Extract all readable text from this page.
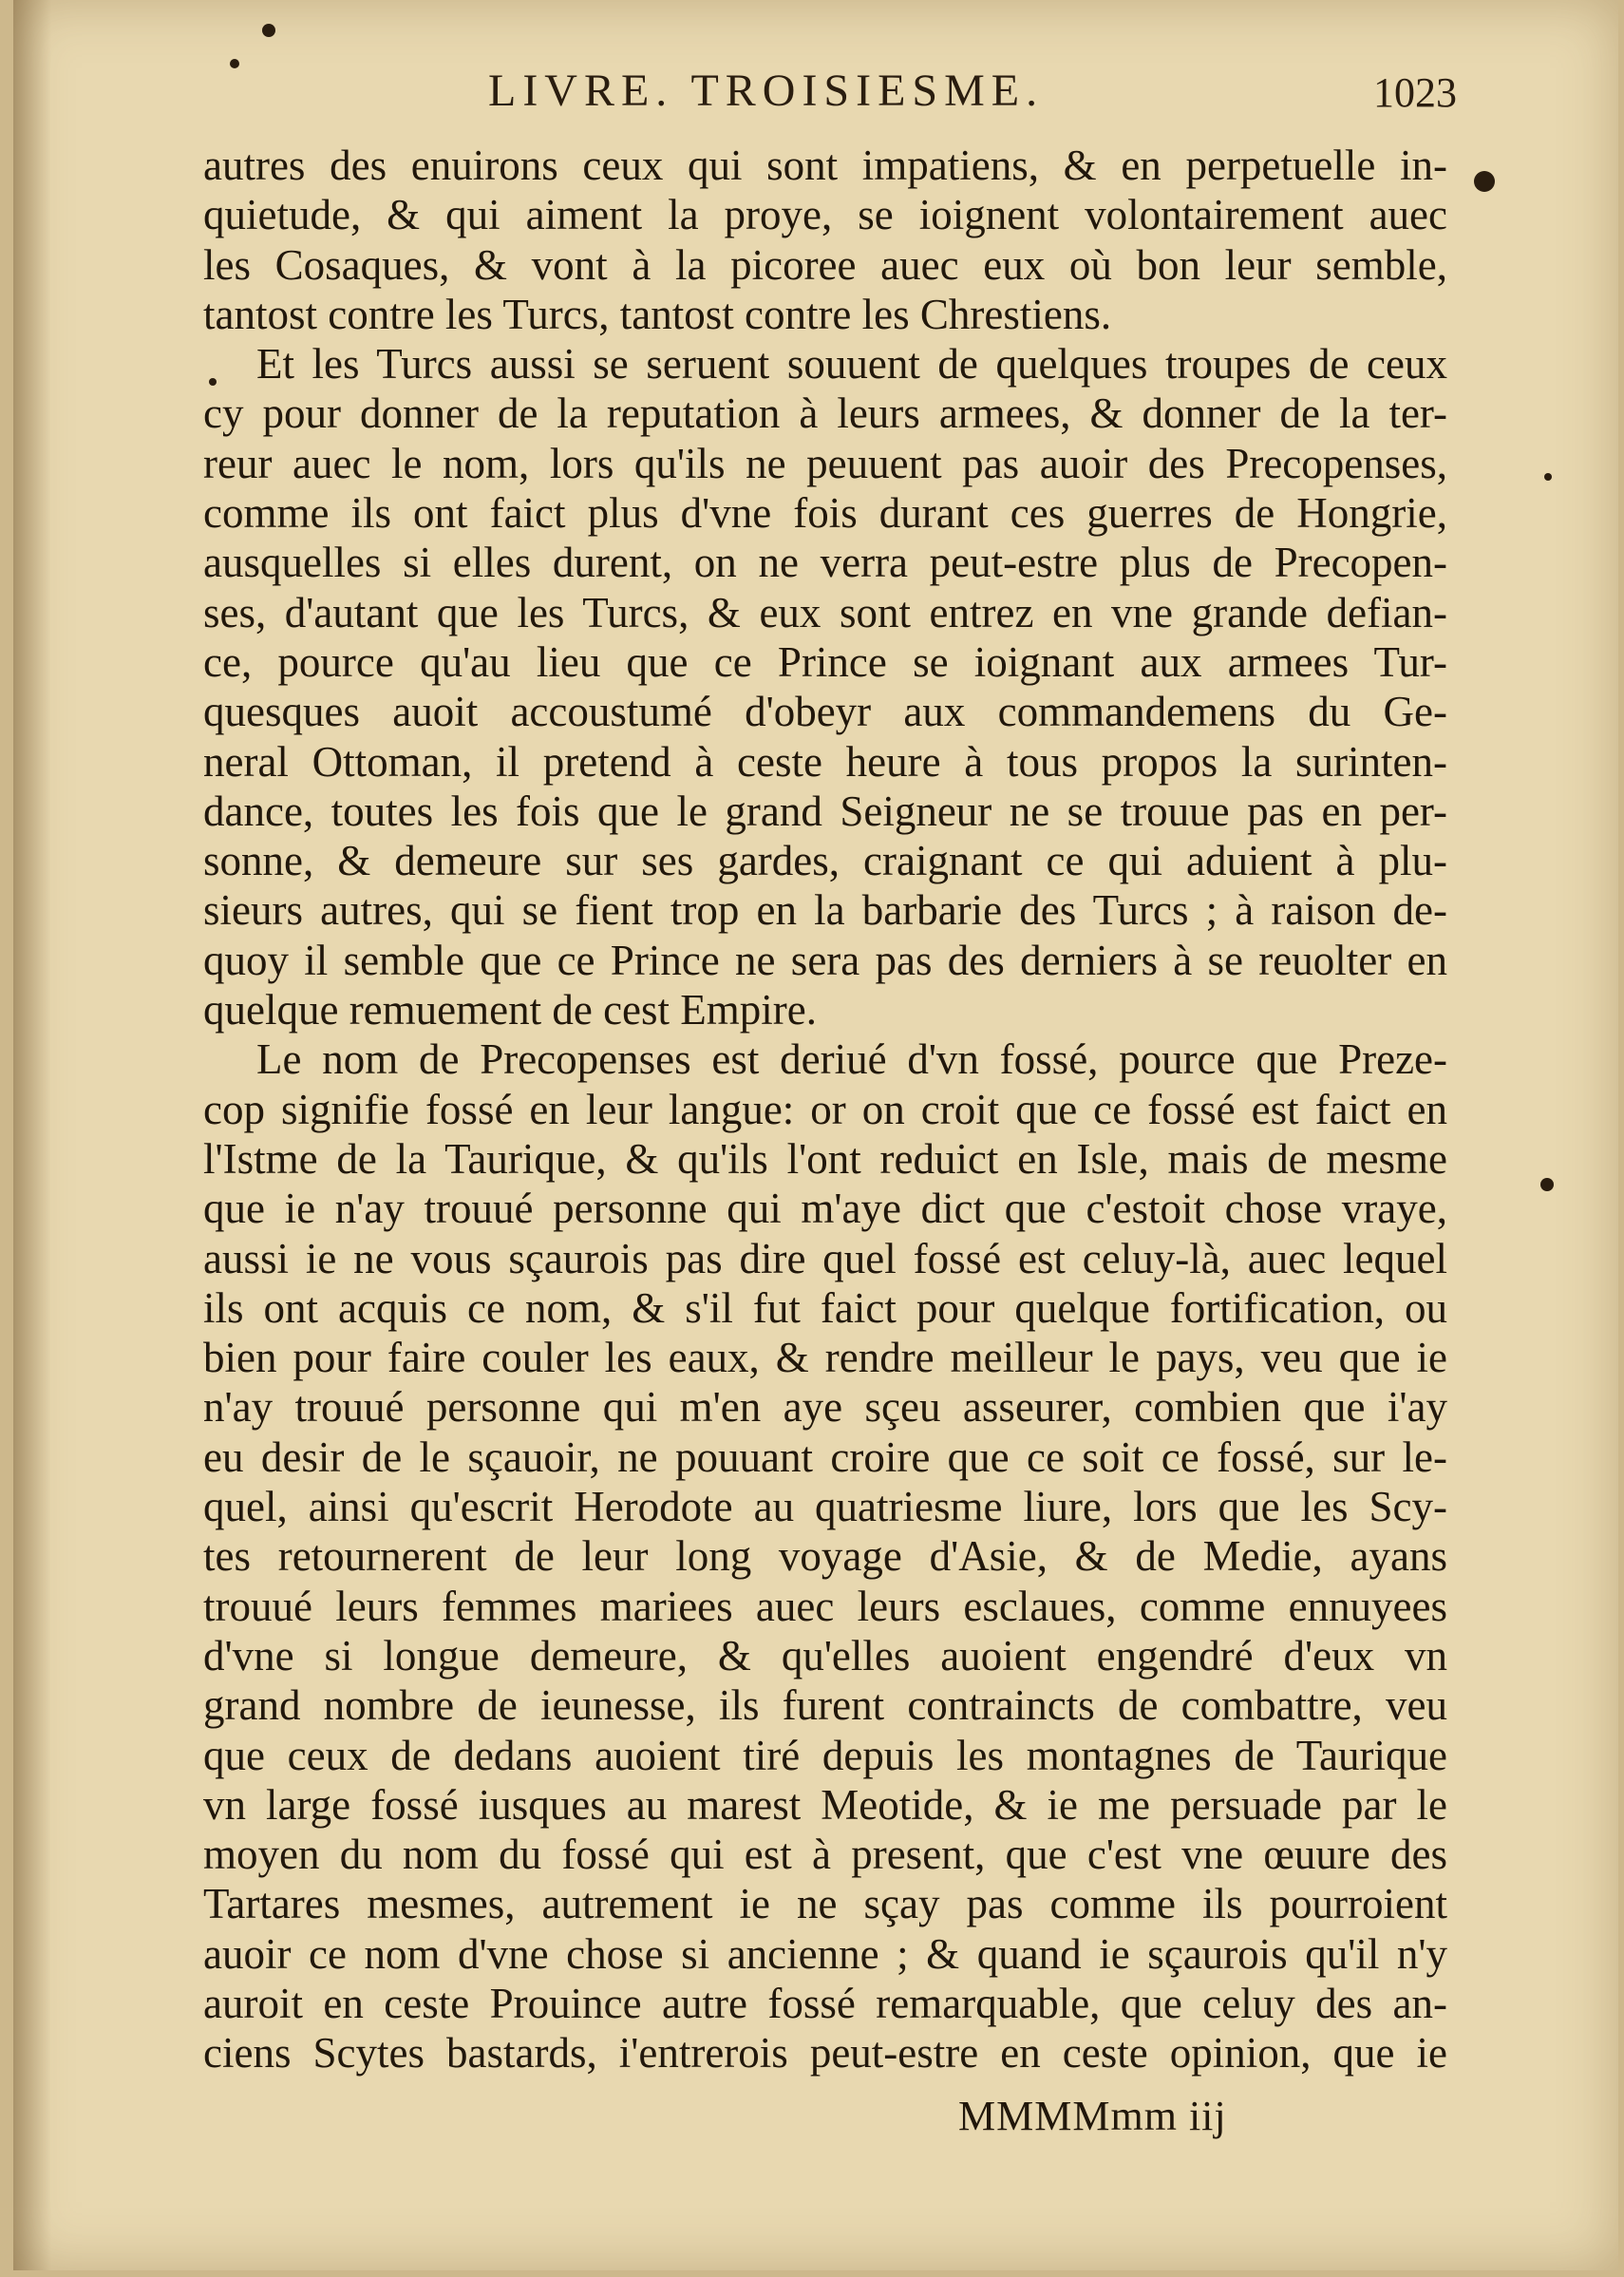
LIVRE. TROISIESME.	1023
autres des enuirons ceux qui sont impatiens, & en perpetuelle in-
quietude, & qui aiment la proye, se ioignent volontairement auec
les Cosaques, & vont à la picoree auec eux où bon leur semble,
tantost contre les Turcs, tantost contre les Chrestiens.
Et les Turcs aussi se seruent souuent de quelques troupes de ceux
cy pour donner de la reputation à leurs armees, & donner de la ter-
reur auec le nom, lors qu'ils ne peuuent pas auoir des Precopenses,
comme ils ont faict plus d'vne fois durant ces guerres de Hongrie,
ausquelles si elles durent, on ne verra peut-estre plus de Precopen-
ses, d'autant que les Turcs, & eux sont entrez en vne grande defian-
ce, pource qu'au lieu que ce Prince se ioignant aux armees Tur-
quesques auoit accoustumé d'obeyr aux commandemens du Ge-
neral Ottoman, il pretend à ceste heure à tous propos la surinten-
dance, toutes les fois que le grand Seigneur ne se trouue pas en per-
sonne, & demeure sur ses gardes, craignant ce qui aduient à plu-
sieurs autres, qui se fient trop en la barbarie des Turcs ; à raison de-
quoy il semble que ce Prince ne sera pas des derniers à se reuolter en
quelque remuement de cest Empire.
Le nom de Precopenses est deriué d'vn fossé, pource que Preze-
cop signifie fossé en leur langue: or on croit que ce fossé est faict en
l'Istme de la Taurique, & qu'ils l'ont reduict en Isle, mais de mesme
que ie n'ay trouué personne qui m'aye dict que c'estoit chose vraye,
aussi ie ne vous sçaurois pas dire quel fossé est celuy-là, auec lequel
ils ont acquis ce nom, & s'il fut faict pour quelque fortification, ou
bien pour faire couler les eaux, & rendre meilleur le pays, veu que ie
n'ay trouué personne qui m'en aye sçeu asseurer, combien que i'ay
eu desir de le sçauoir, ne pouuant croire que ce soit ce fossé, sur le-
quel, ainsi qu'escrit Herodote au quatriesme liure, lors que les Scy-
tes retournerent de leur long voyage d'Asie, & de Medie, ayans
trouué leurs femmes mariees auec leurs esclaues, comme ennuyees
d'vne si longue demeure, & qu'elles auoient engendré d'eux vn
grand nombre de ieunesse, ils furent contraincts de combattre, veu
que ceux de dedans auoient tiré depuis les montagnes de Taurique
vn large fossé iusques au marest Meotide, & ie me persuade par le
moyen du nom du fossé qui est à present, que c'est vne œuure des
Tartares mesmes, autrement ie ne sçay pas comme ils pourroient
auoir ce nom d'vne chose si ancienne ; & quand ie sçaurois qu'il n'y
auroit en ceste Prouince autre fossé remarquable, que celuy des an-
ciens Scytes bastards, i'entrerois peut-estre en ceste opinion, que ie
MMMMmm iij
